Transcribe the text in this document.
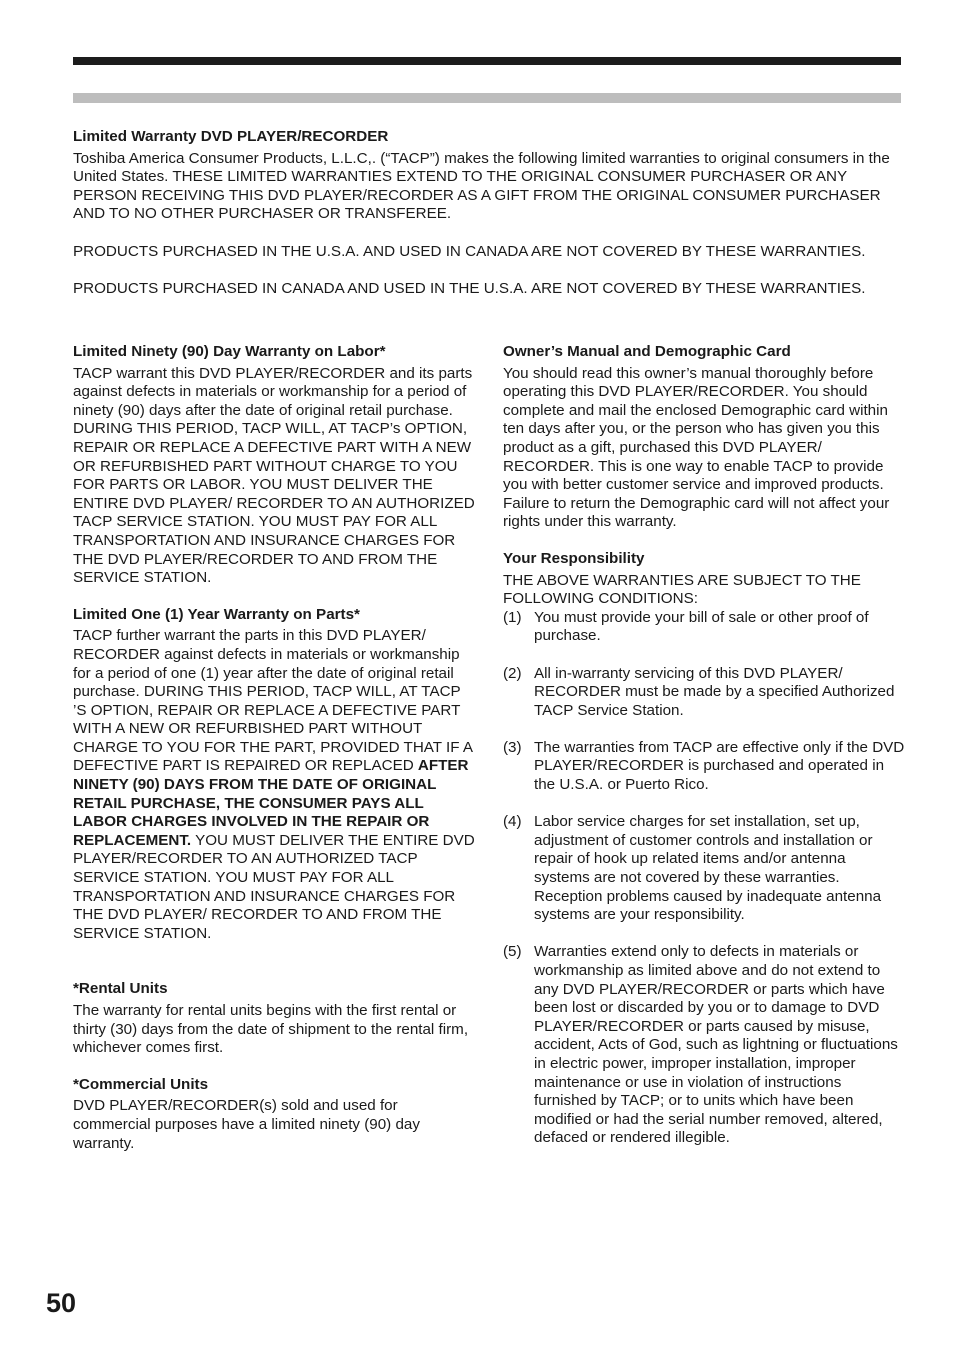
Limited Warranty DVD PLAYER/RECORDER

Toshiba America Consumer Products, L.L.C,. (“TACP”) makes the following limited warranties to original consumers in the United States. THESE LIMITED WARRANTIES EXTEND TO THE ORIGINAL CONSUMER PURCHASER OR ANY PERSON RECEIVING THIS DVD PLAYER/RECORDER AS A GIFT FROM THE ORIGINAL CONSUMER PURCHASER AND TO NO OTHER PURCHASER OR TRANSFEREE.

PRODUCTS PURCHASED IN THE U.S.A. AND USED IN CANADA ARE NOT COVERED BY THESE WARRANTIES.

PRODUCTS PURCHASED IN CANADA AND USED IN THE U.S.A. ARE NOT COVERED BY THESE WARRANTIES.

Limited Ninety (90) Day Warranty on Labor*

TACP warrant this DVD PLAYER/RECORDER and its parts against defects in materials or workmanship for a period of ninety (90) days after the date of original retail purchase. DURING THIS PERIOD, TACP WILL, AT TACP’s OPTION, REPAIR OR REPLACE A DEFECTIVE PART WITH A NEW OR REFURBISHED PART WITHOUT CHARGE TO YOU FOR PARTS OR LABOR. YOU MUST DELIVER THE ENTIRE DVD PLAYER/ RECORDER TO AN AUTHORIZED TACP SERVICE STATION. YOU MUST PAY FOR ALL TRANSPORTATION AND INSURANCE CHARGES FOR THE DVD PLAYER/RECORDER TO AND FROM THE SERVICE STATION.

Limited One (1) Year Warranty on Parts*

TACP further warrant the parts in this DVD PLAYER/ RECORDER against defects in materials or workmanship for a period of one (1) year after the date of original retail purchase. DURING THIS PERIOD, TACP WILL, AT TACP ’S OPTION, REPAIR OR REPLACE A DEFECTIVE PART WITH A NEW OR REFURBISHED PART WITHOUT CHARGE TO YOU FOR THE PART, PROVIDED THAT IF A DEFECTIVE PART IS REPAIRED OR REPLACED AFTER NINETY (90) DAYS FROM THE DATE OF ORIGINAL RETAIL PURCHASE, THE CONSUMER PAYS ALL LABOR CHARGES INVOLVED IN THE REPAIR OR REPLACEMENT. YOU MUST DELIVER THE ENTIRE DVD PLAYER/RECORDER TO AN AUTHORIZED TACP SERVICE STATION. YOU MUST PAY FOR ALL TRANSPORTATION AND INSURANCE CHARGES FOR THE DVD PLAYER/ RECORDER TO AND FROM THE SERVICE STATION.

*Rental Units

The warranty for rental units begins with the first rental or thirty (30) days from the date of shipment to the rental firm, whichever comes first.

*Commercial Units

DVD PLAYER/RECORDER(s) sold and used for commercial purposes have a limited ninety (90) day warranty.

Owner’s Manual and Demographic Card

You should read this owner’s manual thoroughly before operating this DVD PLAYER/RECORDER. You should complete and mail the enclosed Demographic card within ten days after you, or the person who has given you this product as a gift, purchased this DVD PLAYER/ RECORDER. This is one way to enable TACP to provide you with better customer service and improved products. Failure to return the Demographic card will not affect your rights under this warranty.

Your Responsibility

THE ABOVE WARRANTIES ARE SUBJECT TO THE FOLLOWING CONDITIONS:

(1) You must provide your bill of sale or other proof of purchase.
(2) All in-warranty servicing of this DVD PLAYER/ RECORDER must be made by a specified Authorized TACP Service Station.
(3) The warranties from TACP are effective only if the DVD PLAYER/RECORDER is purchased and operated in the U.S.A. or Puerto Rico.
(4) Labor service charges for set installation, set up, adjustment of customer controls and installation or repair of hook up related items and/or antenna systems are not covered by these warranties. Reception problems caused by inadequate antenna systems are your responsibility.
(5) Warranties extend only to defects in materials or workmanship as limited above and do not extend to any DVD PLAYER/RECORDER or parts which have been lost or discarded by you or to damage to DVD PLAYER/RECORDER or parts caused by misuse, accident, Acts of God, such as lightning or fluctuations in electric power, improper installation, improper maintenance or use in violation of instructions furnished by TACP; or to units which have been modified or had the serial number removed, altered, defaced or rendered illegible.
50
